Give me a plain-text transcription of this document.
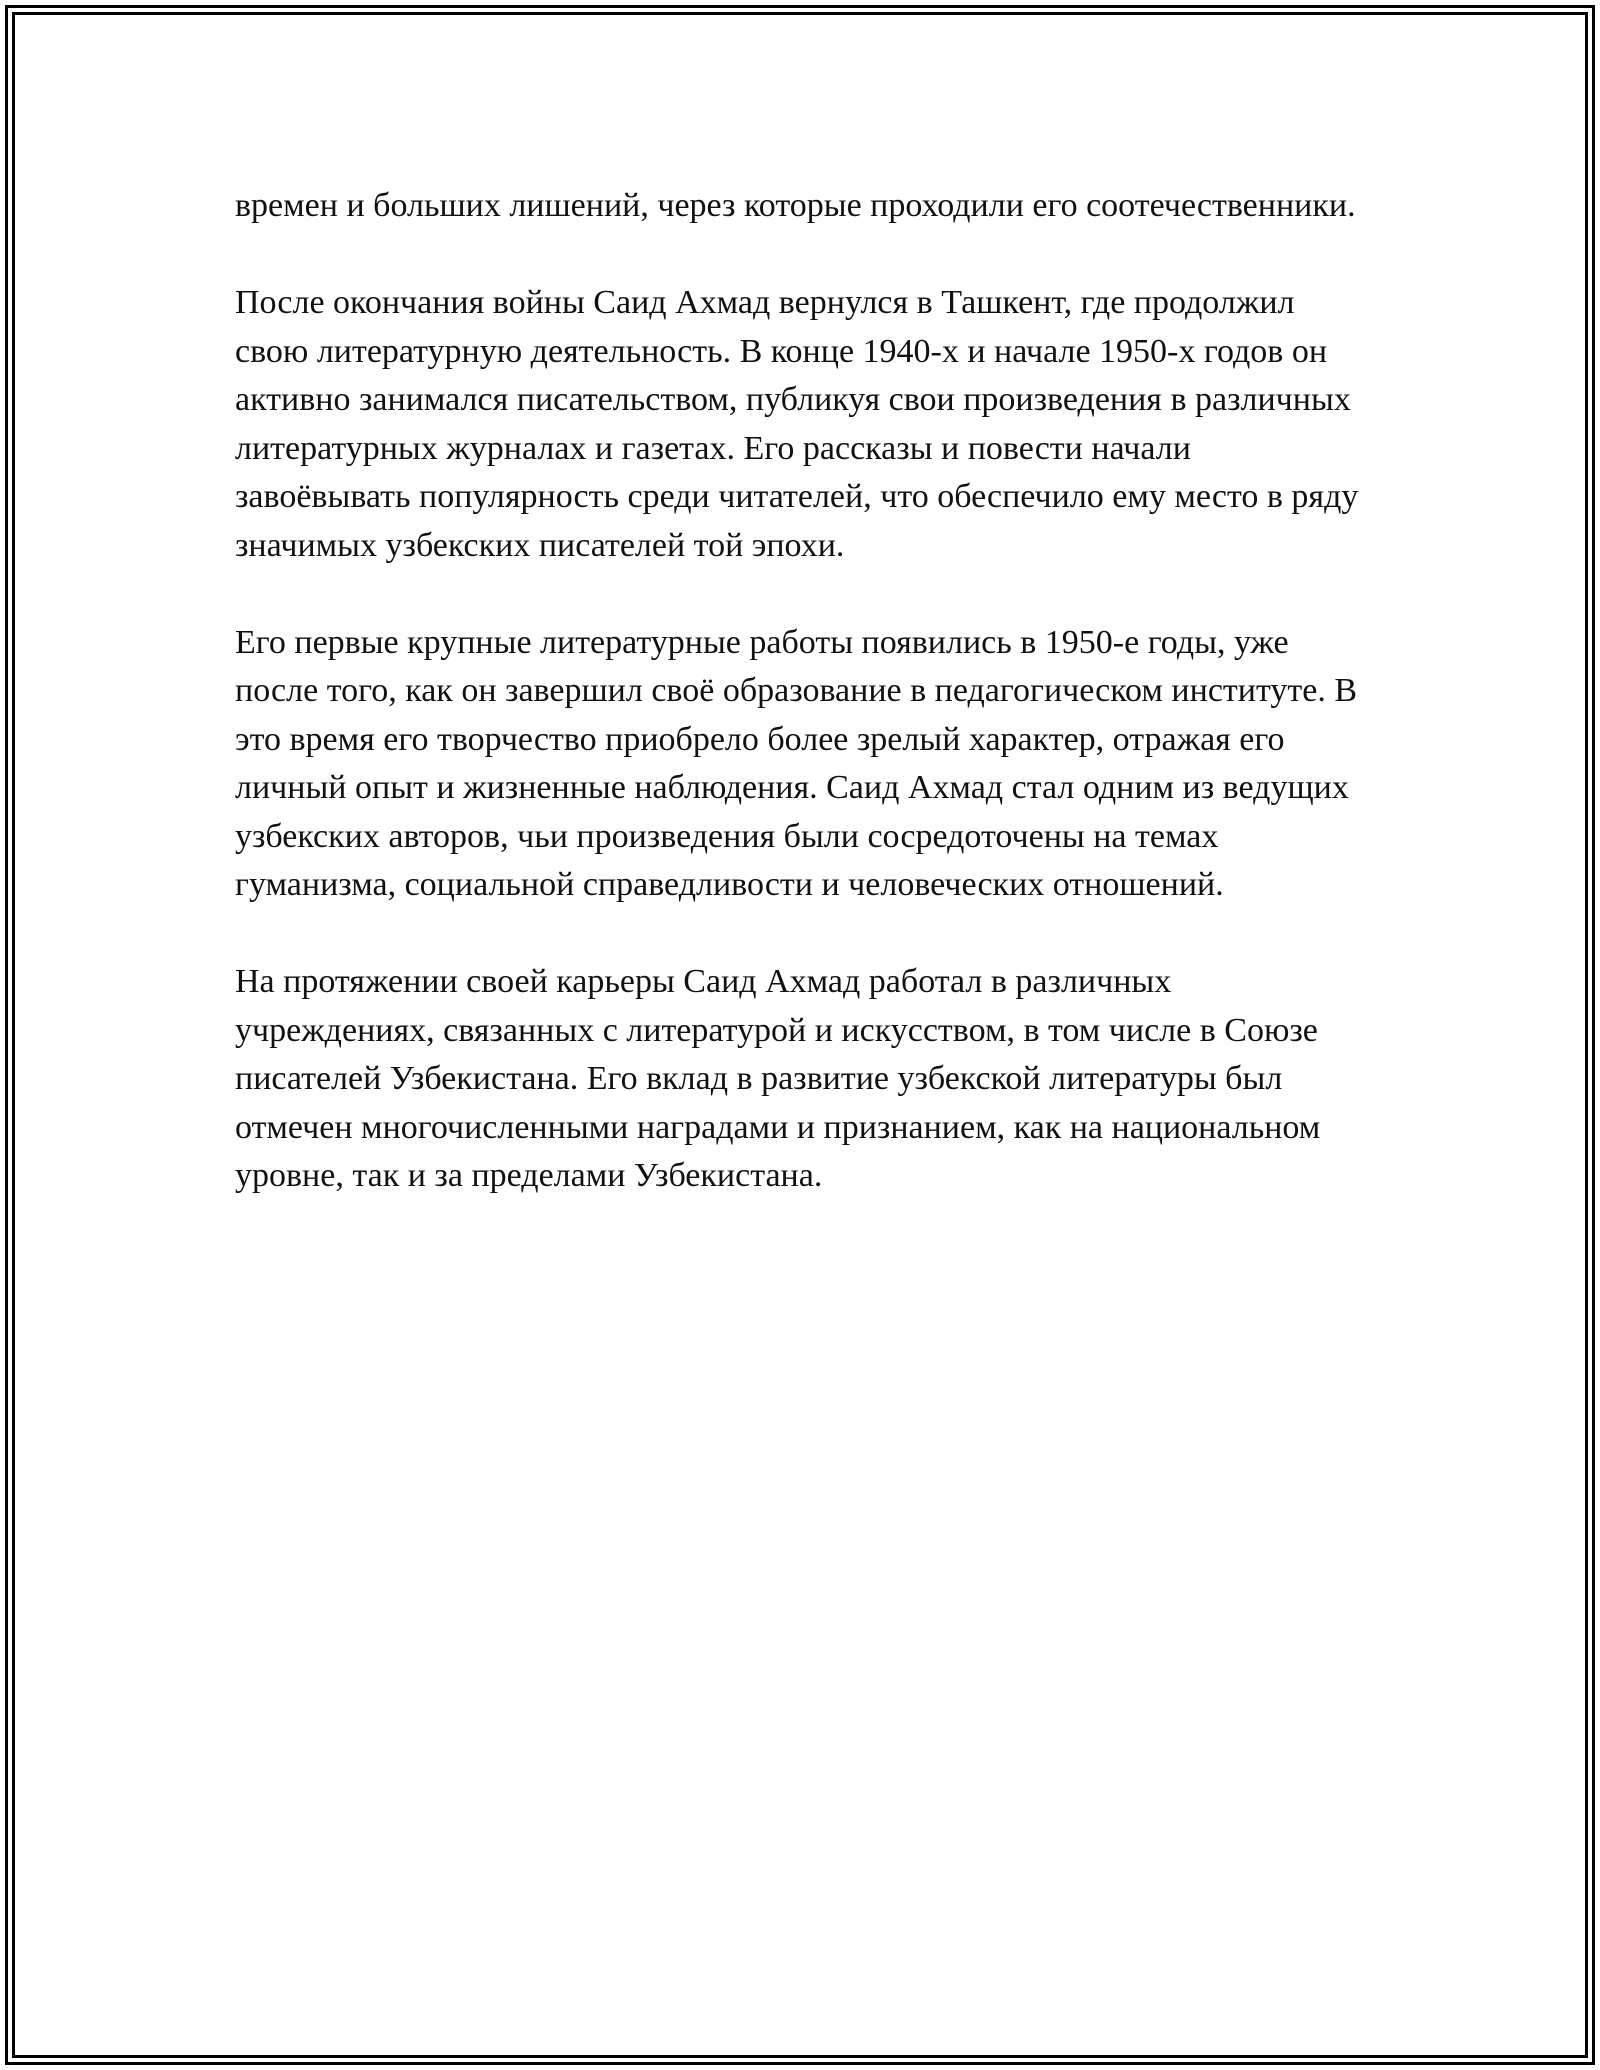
времен и больших лишений, через которые проходили его соотечественники.

После окончания войны Саид Ахмад вернулся в Ташкент, где продолжил свою литературную деятельность. В конце 1940-х и начале 1950-х годов он активно занимался писательством, публикуя свои произведения в различных литературных журналах и газетах. Его рассказы и повести начали завоёвывать популярность среди читателей, что обеспечило ему место в ряду значимых узбекских писателей той эпохи.

Его первые крупные литературные работы появились в 1950-е годы, уже после того, как он завершил своё образование в педагогическом институте. В это время его творчество приобрело более зрелый характер, отражая его личный опыт и жизненные наблюдения. Саид Ахмад стал одним из ведущих узбекских авторов, чьи произведения были сосредоточены на темах гуманизма, социальной справедливости и человеческих отношений.

На протяжении своей карьеры Саид Ахмад работал в различных учреждениях, связанных с литературой и искусством, в том числе в Союзе писателей Узбекистана. Его вклад в развитие узбекской литературы был отмечен многочисленными наградами и признанием, как на национальном уровне, так и за пределами Узбекистана.
